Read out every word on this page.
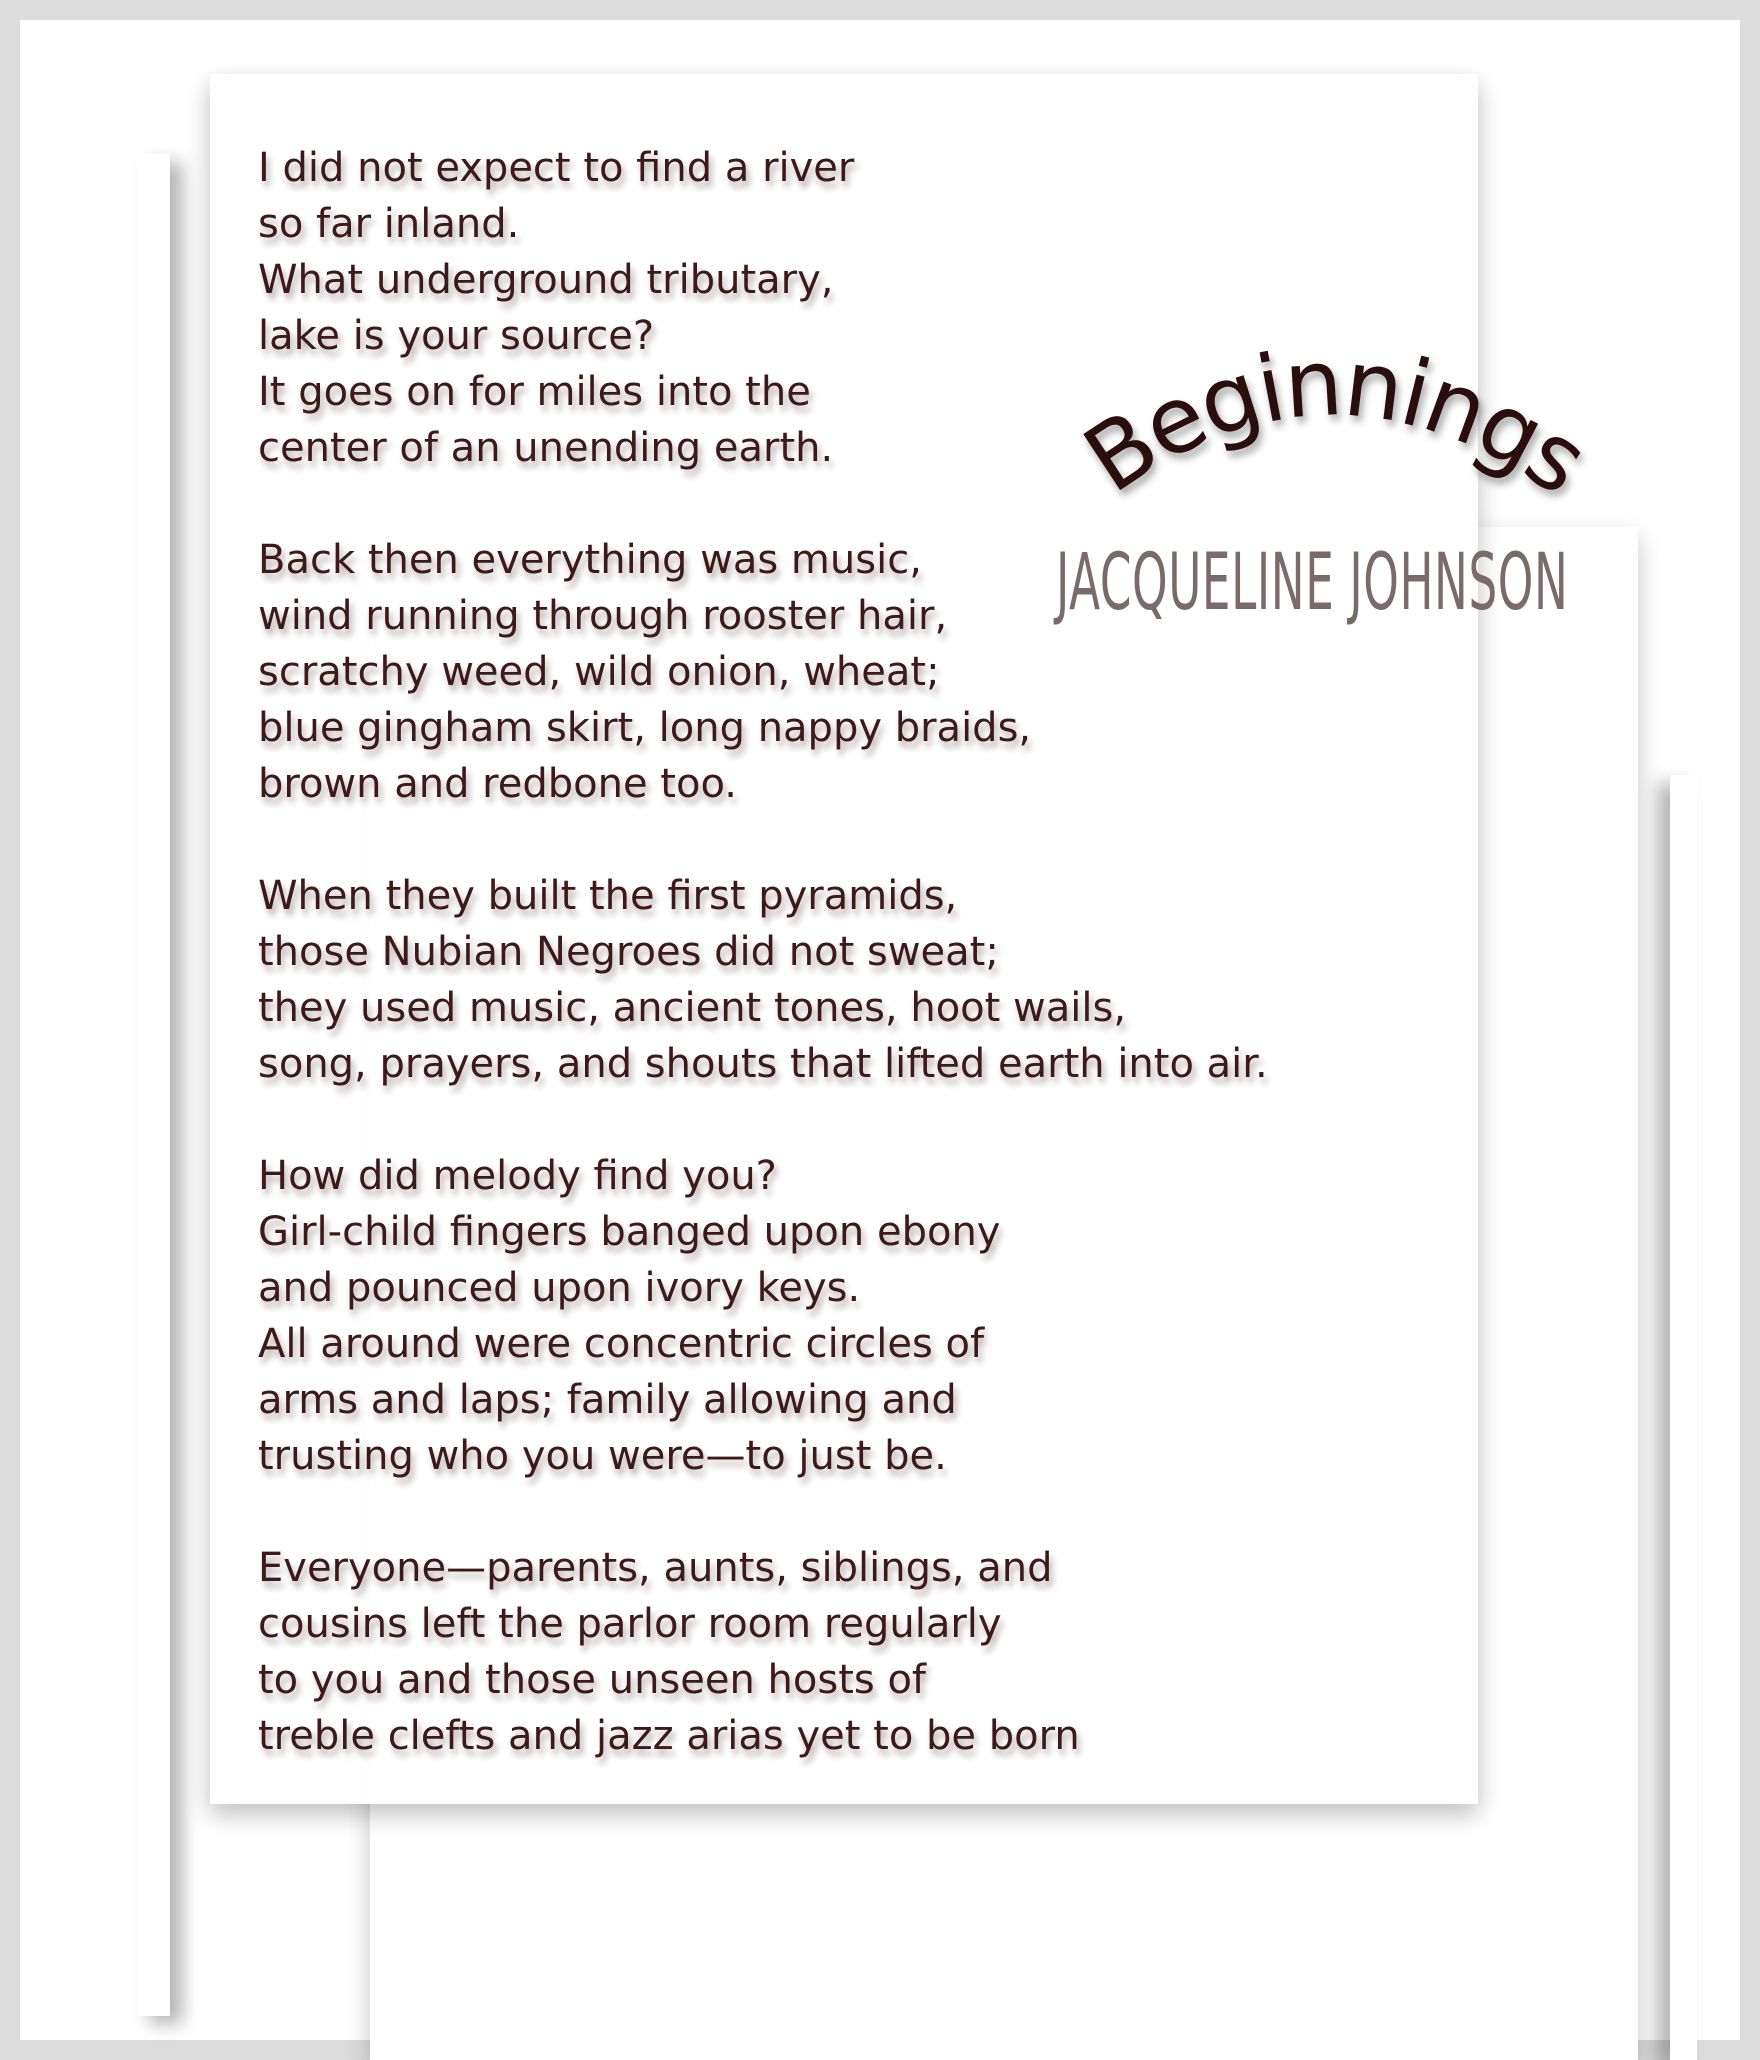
I did not expect to find a river
so far inland.
What underground tributary,
lake is your source?
It goes on for miles into the
center of an unending earth.
Back then everything was music,
wind running through rooster hair,
scratchy weed, wild onion, wheat;
blue gingham skirt, long nappy braids,
brown and redbone too.
When they built the first pyramids,
those Nubian Negroes did not sweat;
they used music, ancient tones, hoot wails,
song, prayers, and shouts that lifted earth into air.
How did melody find you?
Girl-child fingers banged upon ebony
and pounced upon ivory keys.
All around were concentric circles of
arms and laps; family allowing and
trusting who you were—to just be.
Everyone—parents, aunts, siblings, and
cousins left the parlor room regularly
to you and those unseen hosts of
treble clefts and jazz arias yet to be born
Beginnings
JACQUELINE JOHNSON
